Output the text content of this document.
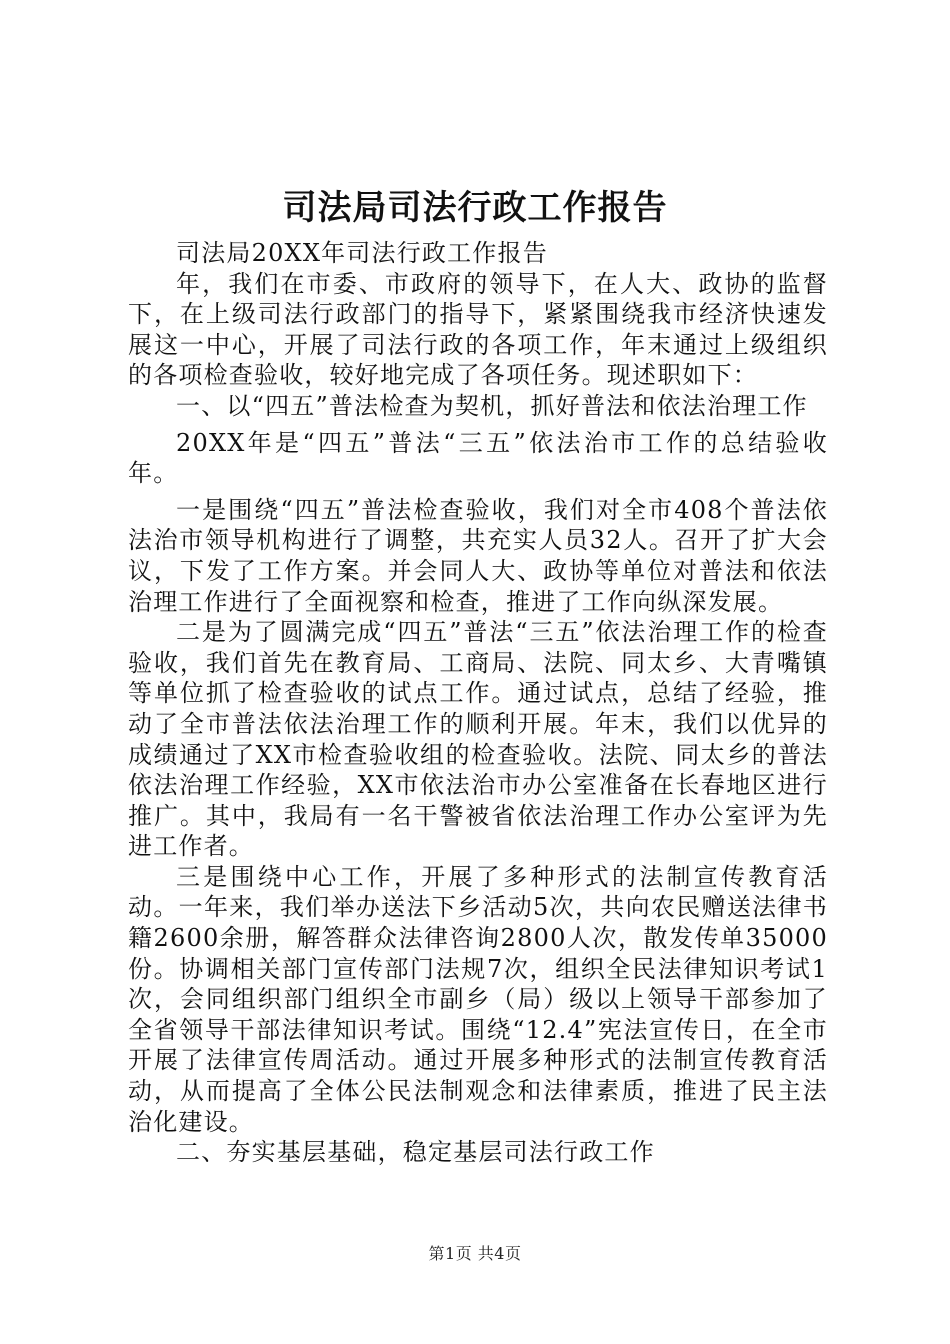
司法局司法行政工作报告

司法局20XX年司法行政工作报告

年，我们在市委、市政府的领导下，在人大、政协的监督下，在上级司法行政部门的指导下，紧紧围绕我市经济快速发展这一中心，开展了司法行政的各项工作，年末通过上级组织的各项检查验收，较好地完成了各项任务。现述职如下：

一、以“四五”普法检查为契机，抓好普法和依法治理工作

20XX年是“四五”普法“三五”依法治市工作的总结验收年。

一是围绕“四五”普法检查验收，我们对全市408个普法依法治市领导机构进行了调整，共充实人员32人。召开了扩大会议，下发了工作方案。并会同人大、政协等单位对普法和依法治理工作进行了全面视察和检查，推进了工作向纵深发展。

二是为了圆满完成“四五”普法“三五”依法治理工作的检查验收，我们首先在教育局、工商局、法院、同太乡、大青嘴镇等单位抓了检查验收的试点工作。通过试点，总结了经验，推动了全市普法依法治理工作的顺利开展。年末，我们以优异的成绩通过了XX市检查验收组的检查验收。法院、同太乡的普法依法治理工作经验，XX市依法治市办公室准备在长春地区进行推广。其中，我局有一名干警被省依法治理工作办公室评为先进工作者。

三是围绕中心工作，开展了多种形式的法制宣传教育活动。一年来，我们举办送法下乡活动5次，共向农民赠送法律书籍2600余册，解答群众法律咨询2800人次，散发传单35000份。协调相关部门宣传部门法规7次，组织全民法律知识考试1次，会同组织部门组织全市副乡（局）级以上领导干部参加了全省领导干部法律知识考试。围绕“12.4”宪法宣传日，在全市开展了法律宣传周活动。通过开展多种形式的法制宣传教育活动，从而提高了全体公民法制观念和法律素质，推进了民主法治化建设。

二、夯实基层基础，稳定基层司法行政工作

第1页 共4页
